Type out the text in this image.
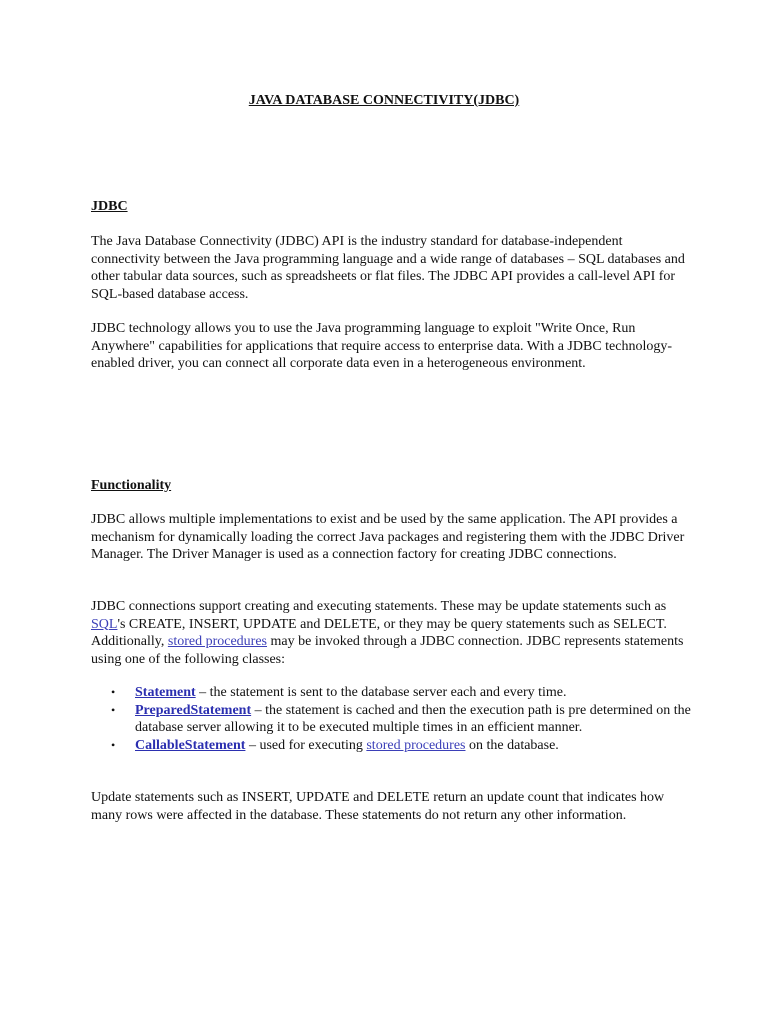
JAVA DATABASE CONNECTIVITY(JDBC)
JDBC

The Java Database Connectivity (JDBC) API is the industry standard for database-independent connectivity between the Java programming language and a wide range of databases – SQL databases and other tabular data sources, such as spreadsheets or flat files. The JDBC API provides a call-level API for SQL-based database access.

JDBC technology allows you to use the Java programming language to exploit "Write Once, Run Anywhere" capabilities for applications that require access to enterprise data. With a JDBC technology-enabled driver, you can connect all corporate data even in a heterogeneous environment.

Functionality

JDBC allows multiple implementations to exist and be used by the same application. The API provides a mechanism for dynamically loading the correct Java packages and registering them with the JDBC Driver Manager. The Driver Manager is used as a connection factory for creating JDBC connections.

JDBC connections support creating and executing statements. These may be update statements such as SQL's CREATE, INSERT, UPDATE and DELETE, or they may be query statements such as SELECT. Additionally, stored procedures may be invoked through a JDBC connection. JDBC represents statements using one of the following classes:

• Statement – the statement is sent to the database server each and every time.
• PreparedStatement – the statement is cached and then the execution path is pre determined on the database server allowing it to be executed multiple times in an efficient manner.
• CallableStatement – used for executing stored procedures on the database.

Update statements such as INSERT, UPDATE and DELETE return an update count that indicates how many rows were affected in the database. These statements do not return any other information.
